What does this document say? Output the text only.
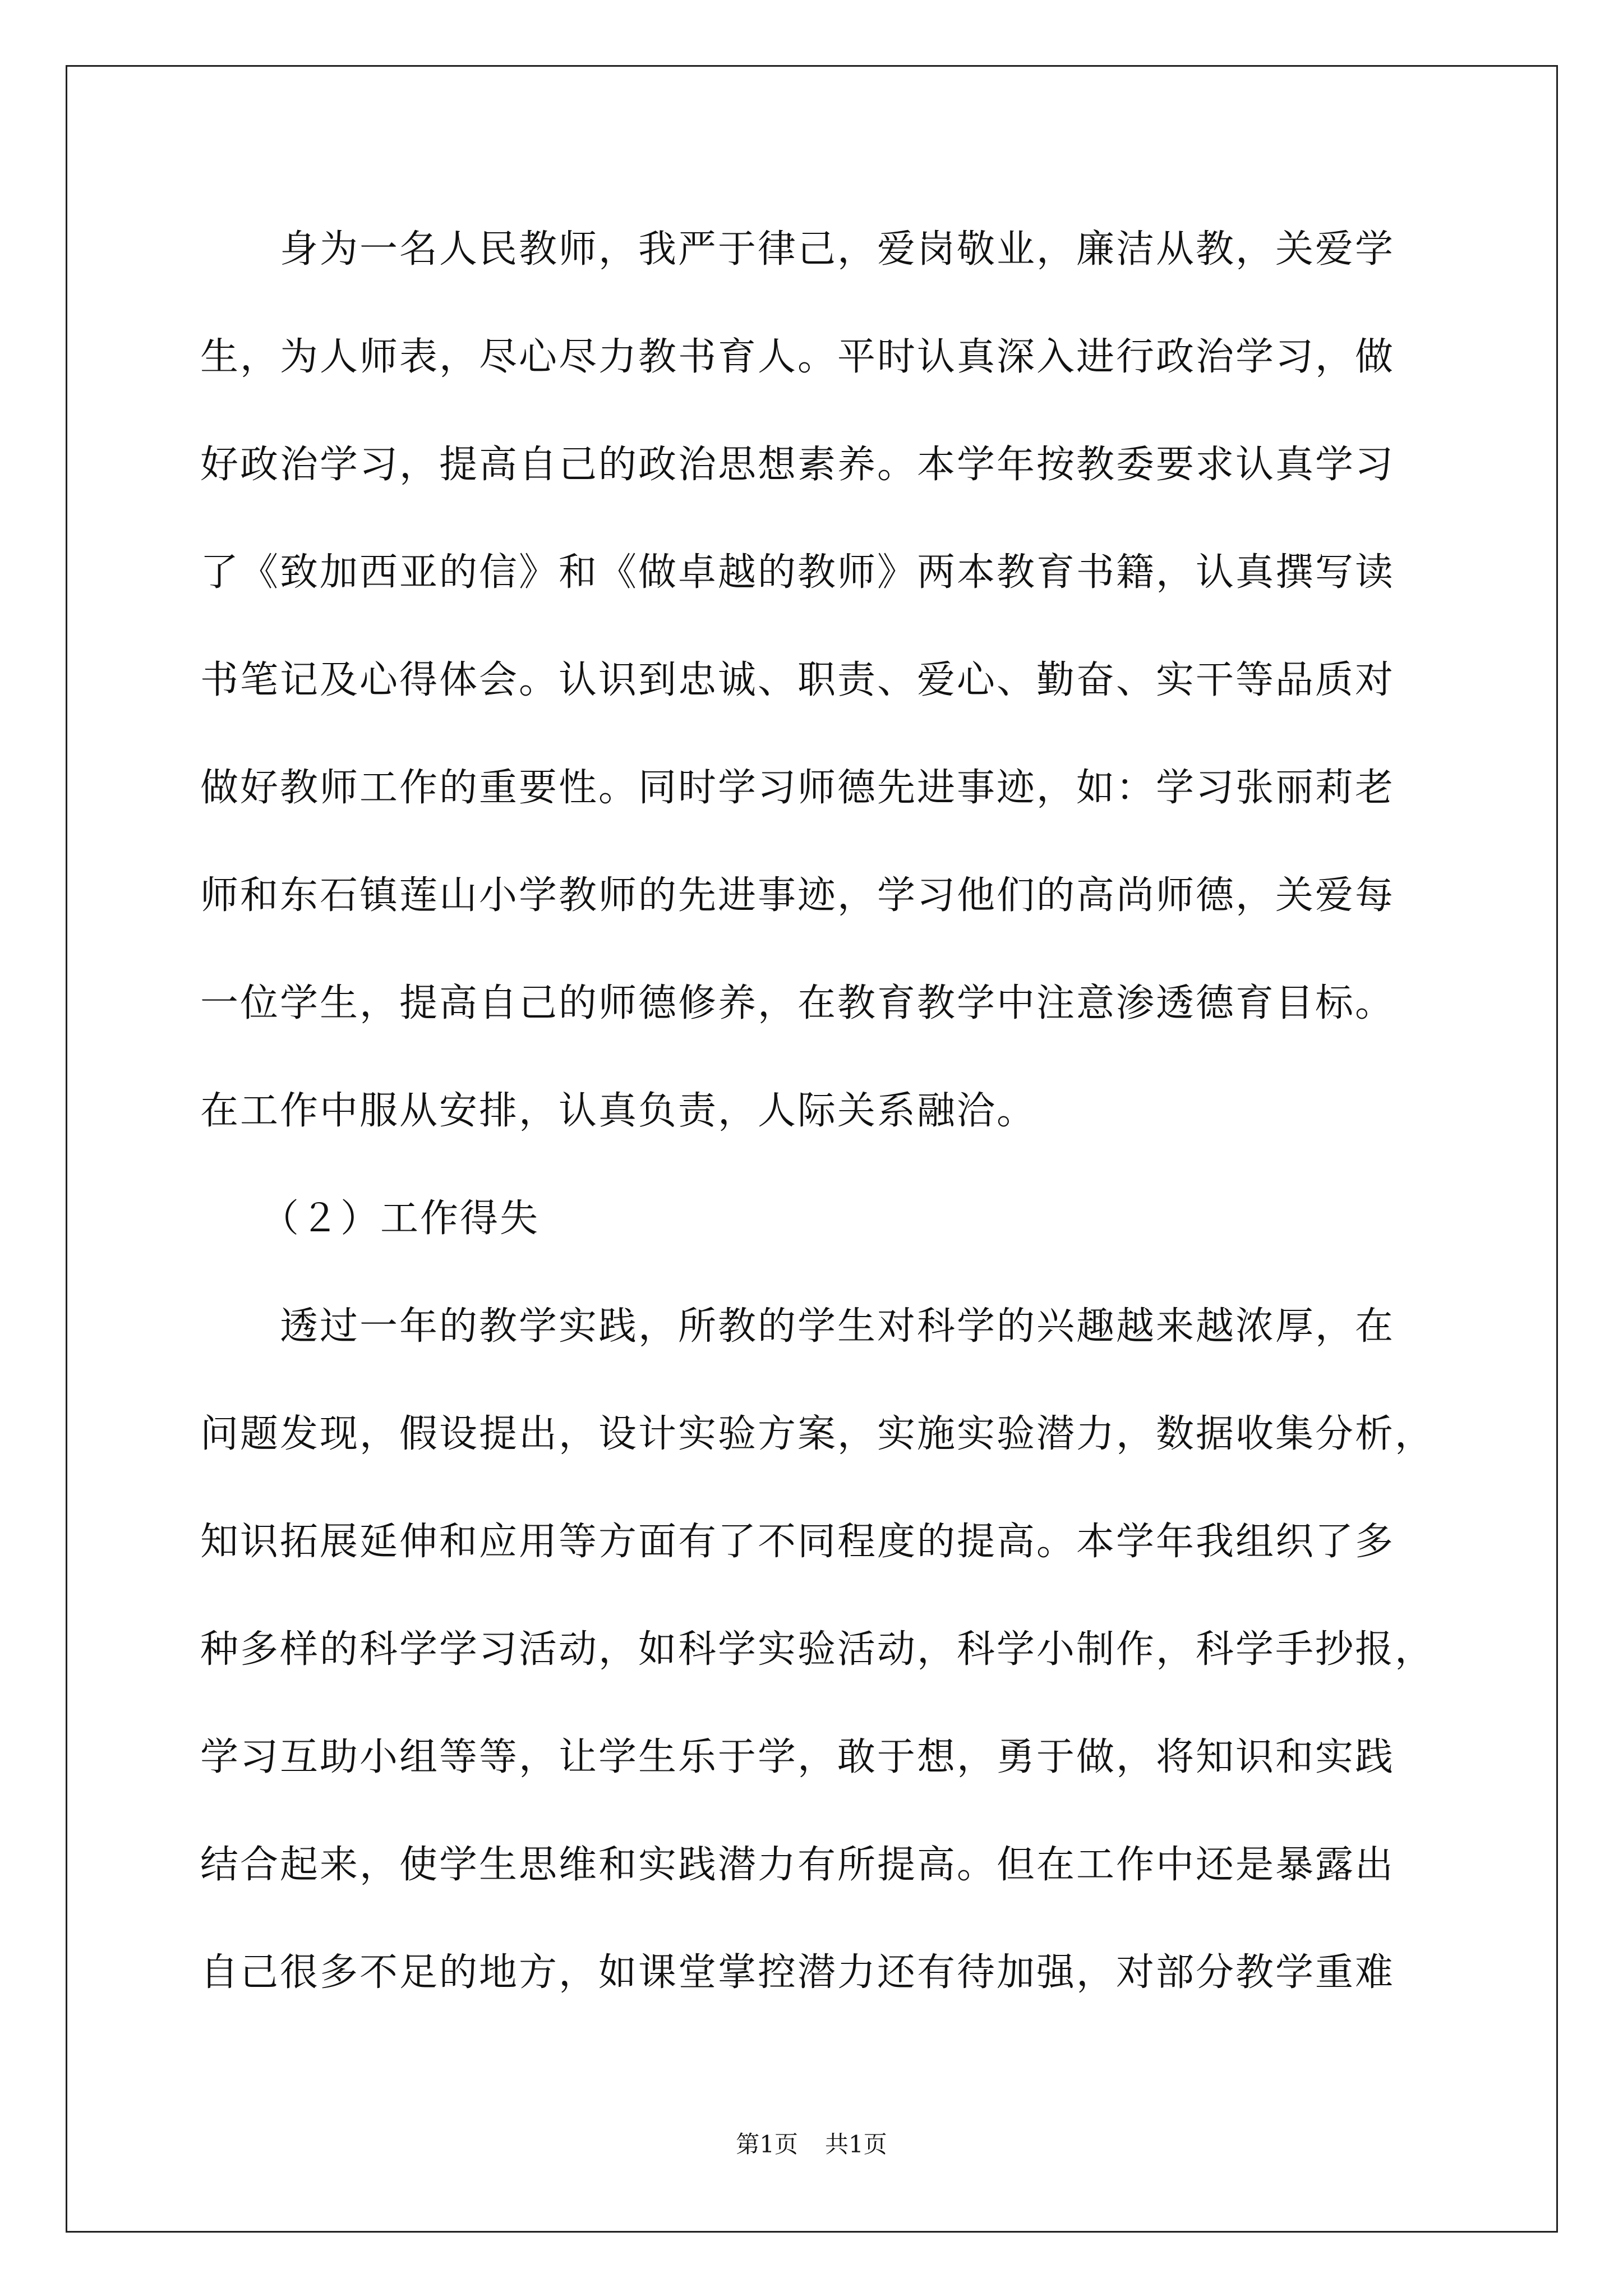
　　身为一名人民教师，我严于律己，爱岗敬业，廉洁从教，关爱学
生，为人师表，尽心尽力教书育人。平时认真深入进行政治学习，做
好政治学习，提高自己的政治思想素养。本学年按教委要求认真学习
了《致加西亚的信》和《做卓越的教师》两本教育书籍，认真撰写读
书笔记及心得体会。认识到忠诚、职责、爱心、勤奋、实干等品质对
做好教师工作的重要性。同时学习师德先进事迹，如：学习张丽莉老
师和东石镇莲山小学教师的先进事迹，学习他们的高尚师德，关爱每
一位学生，提高自己的师德修养，在教育教学中注意渗透德育目标。
在工作中服从安排，认真负责，人际关系融洽。
　　（２）工作得失
　　透过一年的教学实践，所教的学生对科学的兴趣越来越浓厚，在
问题发现，假设提出，设计实验方案，实施实验潜力，数据收集分析，
知识拓展延伸和应用等方面有了不同程度的提高。本学年我组织了多
种多样的科学学习活动，如科学实验活动，科学小制作，科学手抄报，
学习互助小组等等，让学生乐于学，敢于想，勇于做，将知识和实践
结合起来，使学生思维和实践潜力有所提高。但在工作中还是暴露出
自己很多不足的地方，如课堂掌控潜力还有待加强，对部分教学重难
第1页 共1页
